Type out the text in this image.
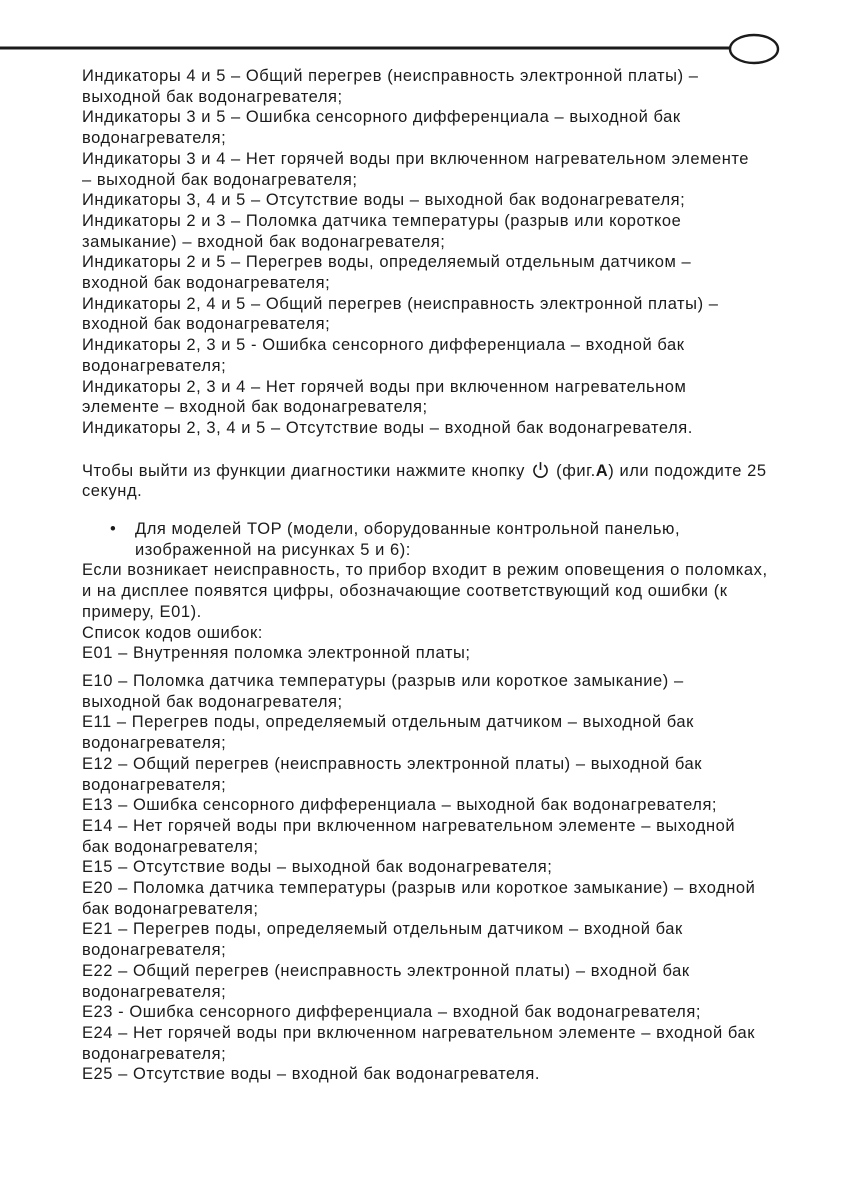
Индикаторы 4 и 5 – Общий перегрев (неисправность электронной платы) –
выходной бак водонагревателя;
Индикаторы 3 и 5 – Ошибка сенсорного дифференциала – выходной бак
водонагревателя;
Индикаторы 3 и 4 – Нет горячей воды при включенном нагревательном элементе
– выходной бак водонагревателя;
Индикаторы 3, 4 и 5 – Отсутствие воды – выходной бак водонагревателя;
Индикаторы 2 и 3 – Поломка датчика температуры (разрыв или короткое
замыкание) – входной бак водонагревателя;
Индикаторы 2 и 5 – Перегрев воды, определяемый отдельным датчиком –
входной бак водонагревателя;
Индикаторы 2, 4 и 5 – Общий перегрев (неисправность электронной платы) –
входной бак водонагревателя;
Индикаторы 2, 3 и 5 - Ошибка сенсорного дифференциала – входной бак
водонагревателя;
Индикаторы 2, 3 и 4 – Нет горячей воды при включенном нагревательном
элементе – входной бак водонагревателя;
Индикаторы 2, 3, 4 и 5 – Отсутствие воды – входной бак водонагревателя.

Чтобы выйти из функции диагностики нажмите кнопку  (фиг.А) или подождите 25
секунд.

•	Для моделей TOP (модели, оборудованные контрольной панелью,
изображенной на рисунках 5 и 6):
Если возникает неисправность, то прибор входит в режим оповещения о поломках,
и на дисплее появятся цифры, обозначающие соответствующий код ошибки (к
примеру, Е01).
Список кодов ошибок:
Е01 – Внутренняя поломка электронной платы;
Е10 – Поломка датчика температуры (разрыв или короткое замыкание) –
выходной бак водонагревателя;
Е11 – Перегрев поды, определяемый отдельным датчиком – выходной бак
водонагревателя;
Е12 – Общий перегрев (неисправность электронной платы) – выходной бак
водонагревателя;
Е13 – Ошибка сенсорного дифференциала – выходной бак водонагревателя;
Е14 – Нет горячей воды при включенном нагревательном элементе – выходной
бак водонагревателя;
Е15 – Отсутствие воды – выходной бак водонагревателя;
Е20 – Поломка датчика температуры (разрыв или короткое замыкание) – входной
бак водонагревателя;
Е21 – Перегрев поды, определяемый отдельным датчиком – входной бак
водонагревателя;
Е22 – Общий перегрев (неисправность электронной платы) – входной бак
водонагревателя;
Е23 - Ошибка сенсорного дифференциала – входной бак водонагревателя;
Е24 – Нет горячей воды при включенном нагревательном элементе – входной бак
водонагревателя;
Е25 – Отсутствие воды – входной бак водонагревателя.
